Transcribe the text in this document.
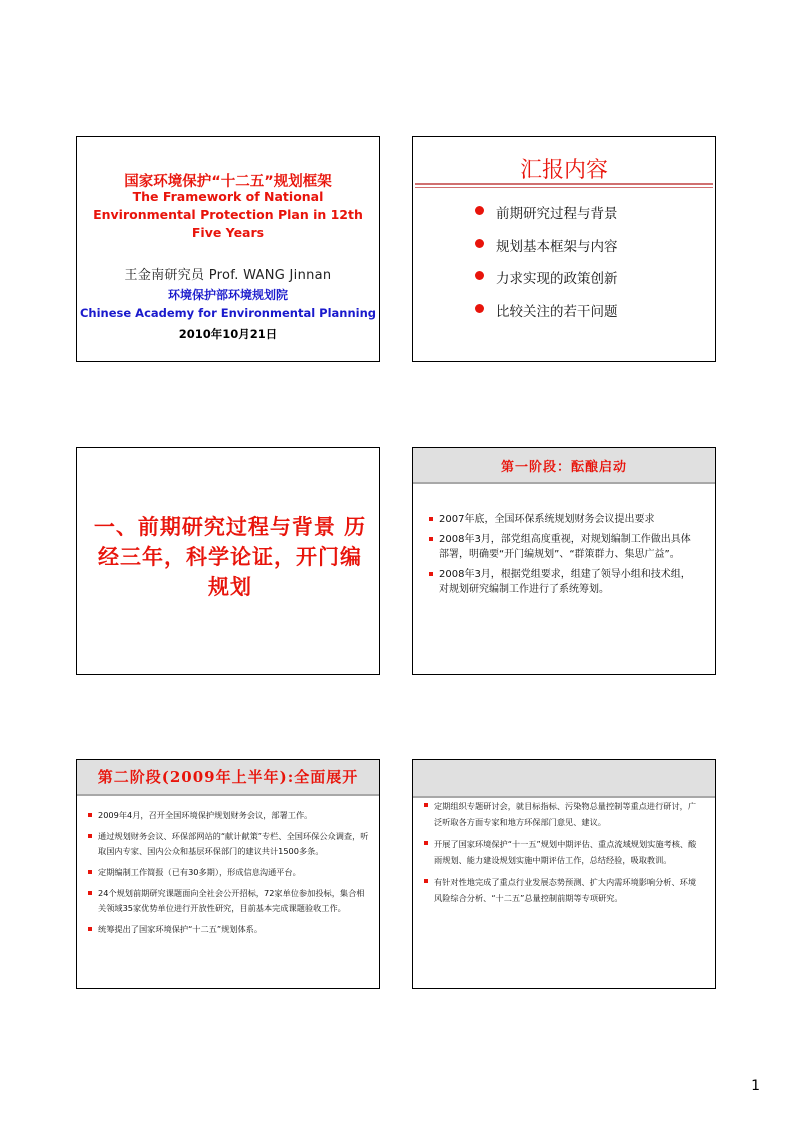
国家环境保护“十二五”规划框架
The Framework of National Environmental Protection Plan in 12th Five Years
王金南研究员 Prof. WANG Jinnan
环境保护部环境规划院
Chinese Academy for Environmental Planning
2010年10月21日
汇报内容
前期研究过程与背景
规划基本框架与内容
力求实现的政策创新
比较关注的若干问题
一、前期研究过程与背景 历经三年，科学论证，开门编规划
第一阶段：酝酿启动
2007年底，全国环保系统规划财务会议提出要求
2008年3月，部党组高度重视，对规划编制工作做出具体部署，明确要“开门编规划”、“群策群力、集思广益”。
2008年3月，根据党组要求，组建了领导小组和技术组，对规划研究编制工作进行了系统筹划。
第二阶段(2009年上半年):全面展开
2009年4月，召开全国环境保护规划财务会议，部署工作。
通过规划财务会议、环保部网站的“献计献策”专栏、全国环保公众调查，听取国内专家、国内公众和基层环保部门的建议共计1500多条。
定期编制工作简报（已有30多期），形成信息沟通平台。
24个规划前期研究课题面向全社会公开招标，72家单位参加投标，集合相关领域35家优势单位进行开放性研究，目前基本完成课题验收工作。
统筹提出了国家环境保护“十二五”规划体系。
定期组织专题研讨会，就目标指标、污染物总量控制等重点进行研讨，广泛听取各方面专家和地方环保部门意见、建议。
开展了国家环境保护“十一五”规划中期评估、重点流域规划实施考核、酸雨规划、能力建设规划实施中期评估工作，总结经验，吸取教训。
有针对性地完成了重点行业发展态势预测、扩大内需环境影响分析、环境风险综合分析、“十二五”总量控制前期等专项研究。
1
